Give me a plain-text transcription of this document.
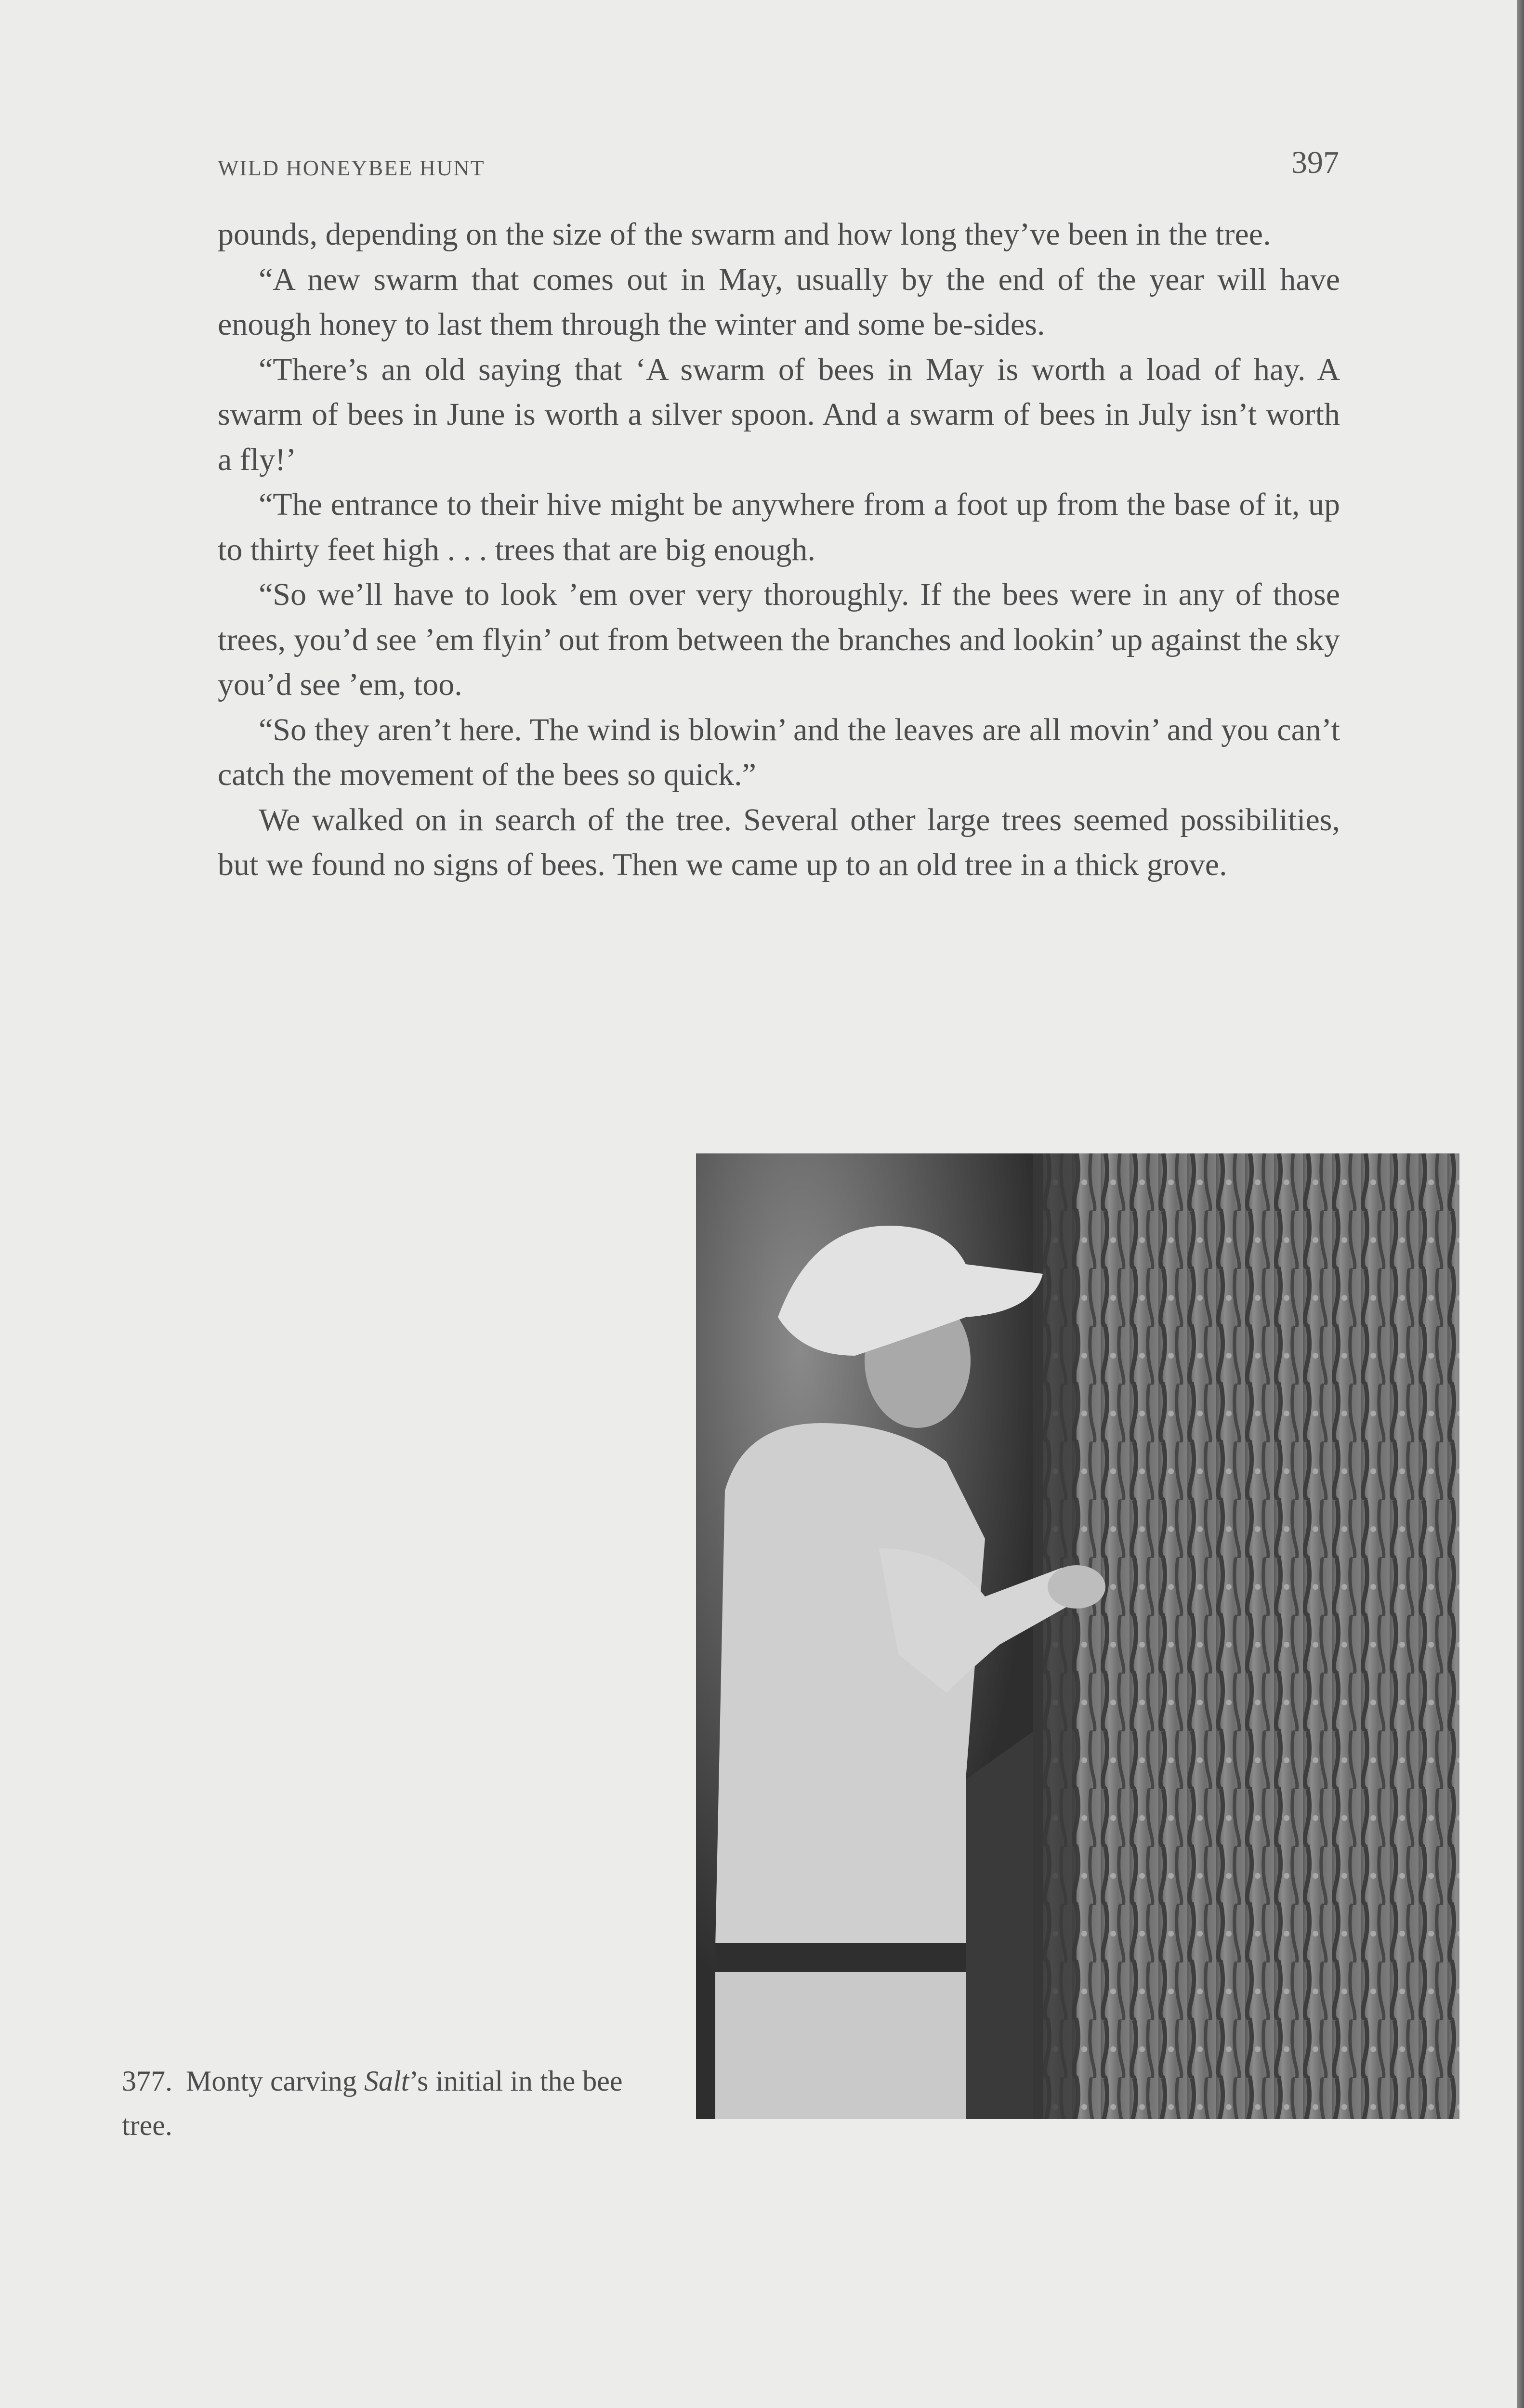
WILD HONEYBEE HUNT	397

pounds, depending on the size of the swarm and how long they’ve been in the tree.

“A new swarm that comes out in May, usually by the end of the year will have enough honey to last them through the winter and some be-sides.

“There’s an old saying that ‘A swarm of bees in May is worth a load of hay. A swarm of bees in June is worth a silver spoon. And a swarm of bees in July isn’t worth a fly!’

“The entrance to their hive might be anywhere from a foot up from the base of it, up to thirty feet high . . . trees that are big enough.

“So we’ll have to look ’em over very thoroughly. If the bees were in any of those trees, you’d see ’em flyin’ out from between the branches and lookin’ up against the sky you’d see ’em, too.

“So they aren’t here. The wind is blowin’ and the leaves are all movin’ and you can’t catch the movement of the bees so quick.”

We walked on in search of the tree. Several other large trees seemed possibilities, but we found no signs of bees. Then we came up to an old tree in a thick grove.

377. Monty carving Salt’s initial in the bee tree.
